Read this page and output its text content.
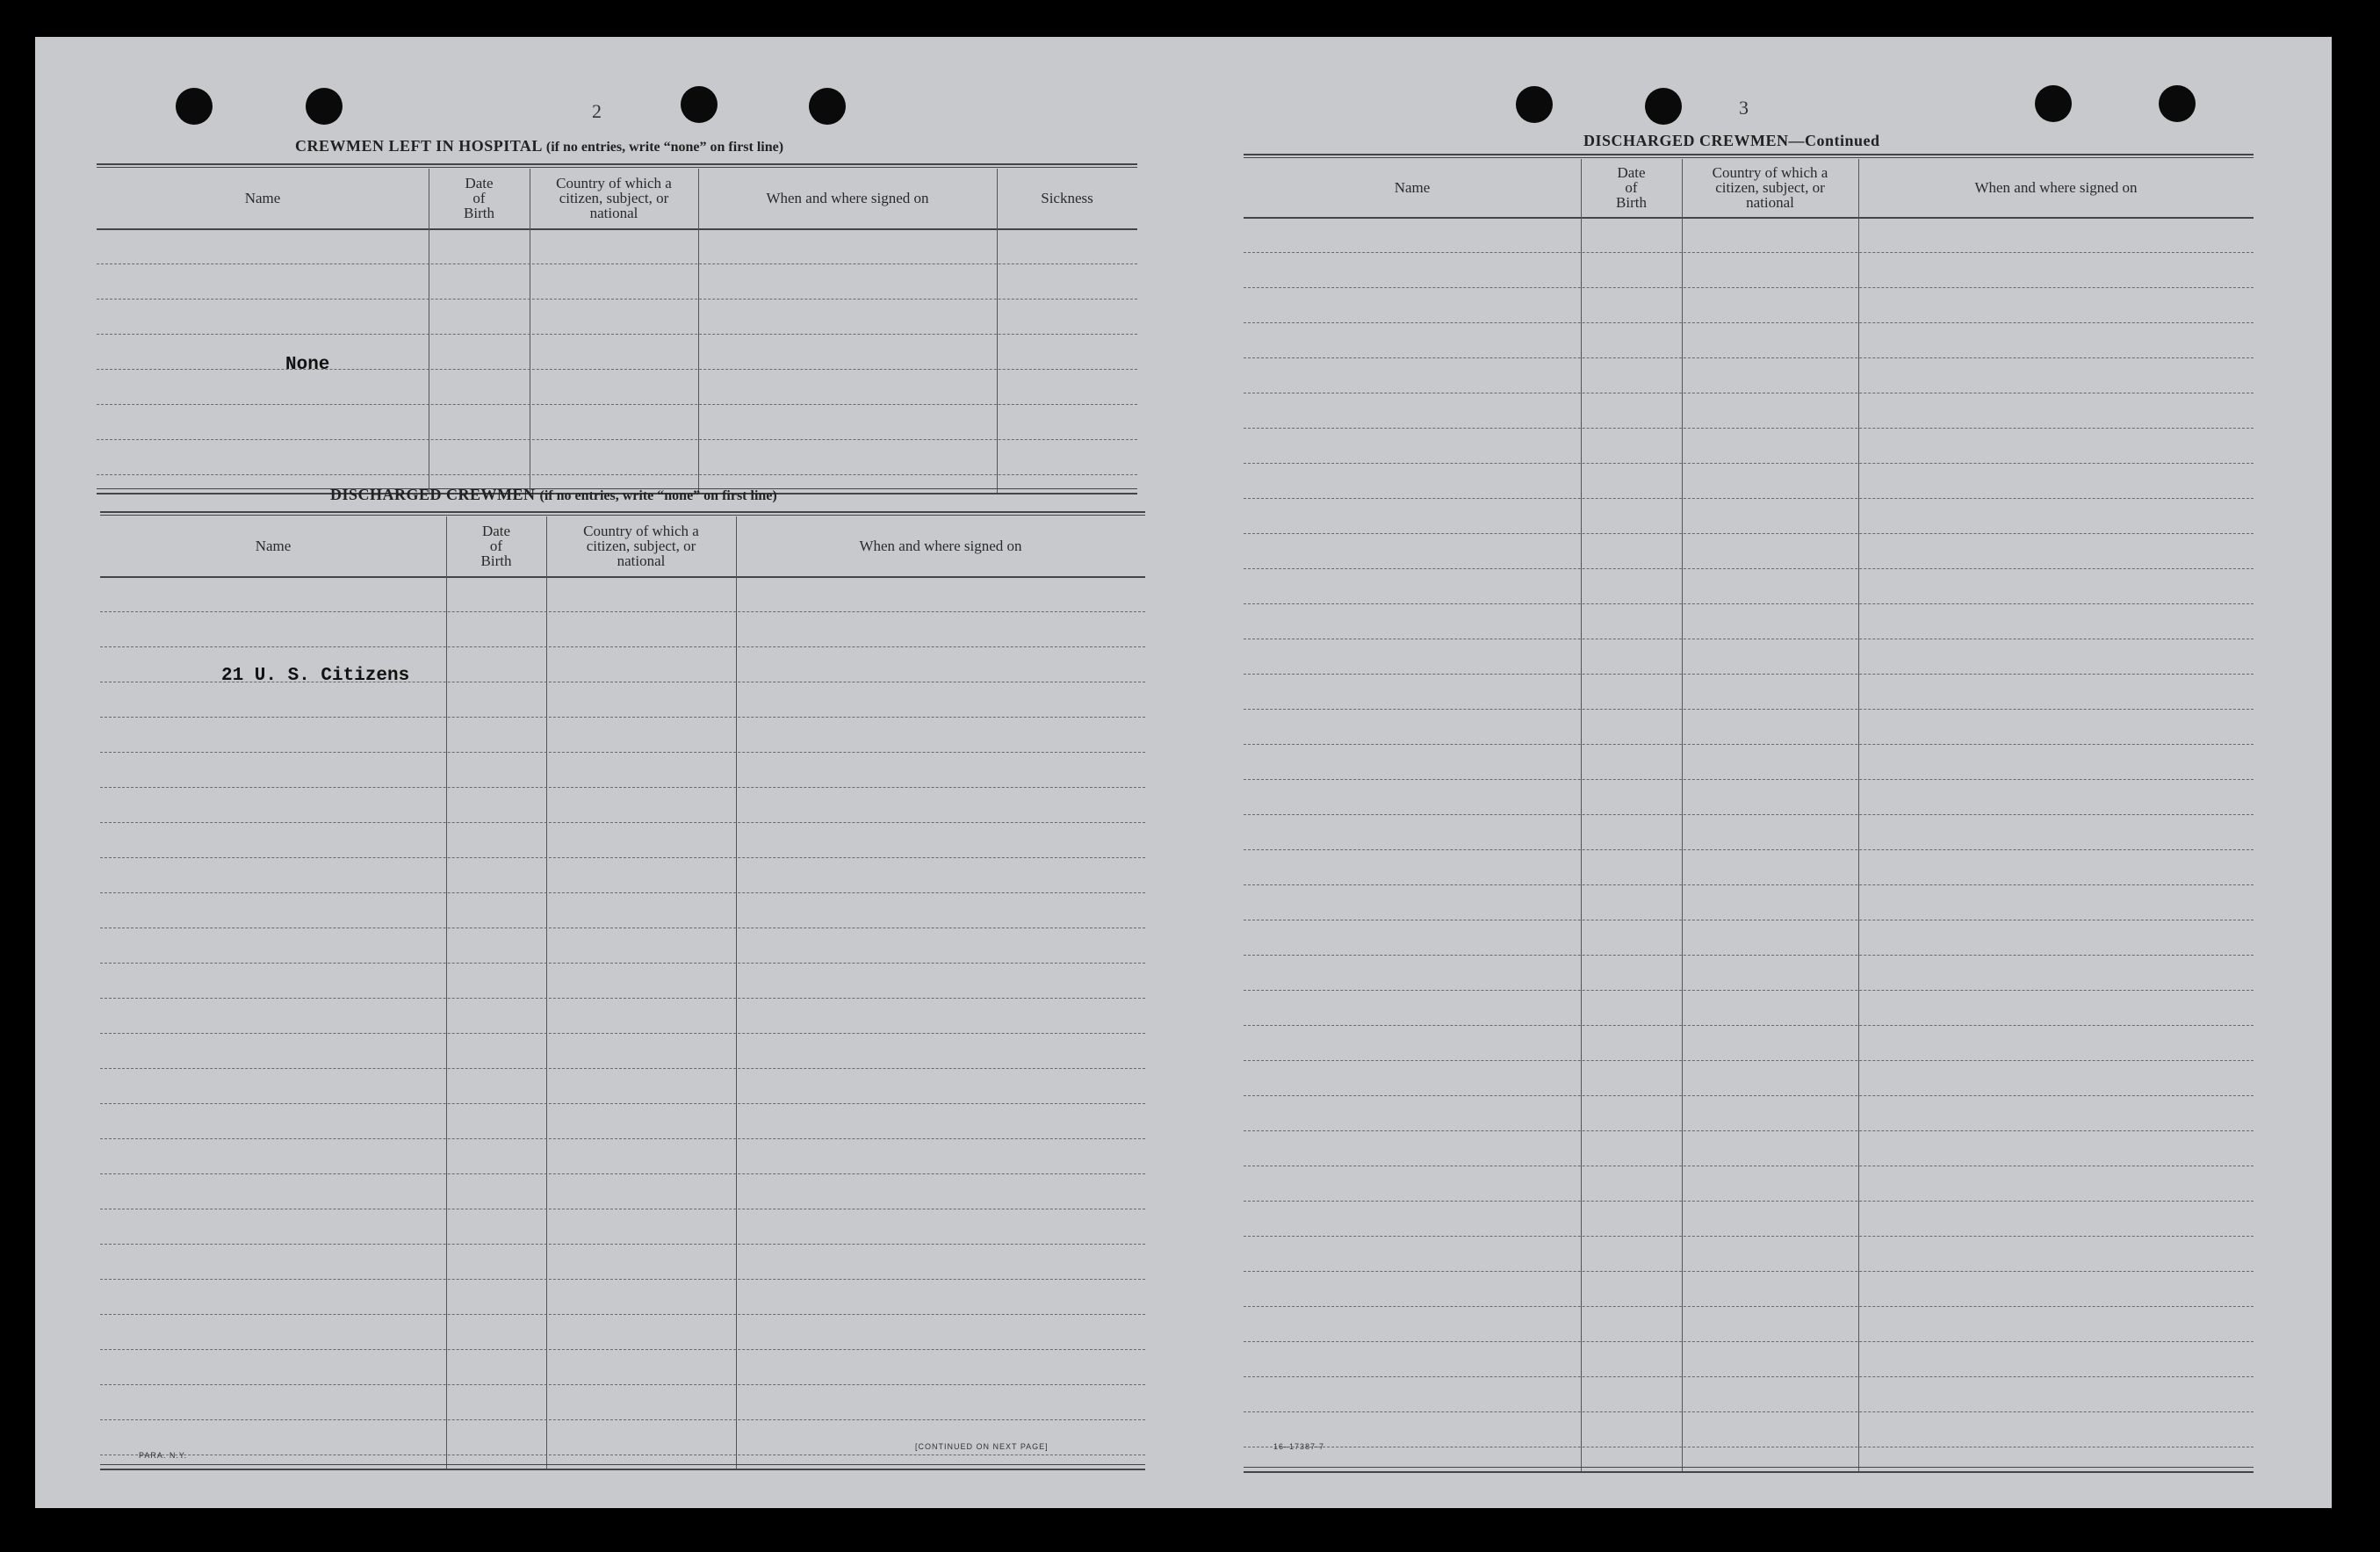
2
CREWMEN LEFT IN HOSPITAL (if no entries, write “none” on first line)
Name
Date
of
Birth
Country of which a
citizen, subject, or
national
When and where signed on	Sickness
None
DISCHARGED CREWMEN (if no entries, write “none” on first line)
Name
Date
of
Birth
Country of which a
citizen, subject, or
national
When and where signed on
21 U. S. Citizens
PARA. N.Y.
[CONTINUED ON NEXT PAGE]
3
DISCHARGED CREWMEN—Continued
Name
Date
of
Birth
Country of which a
citizen, subject, or
national
When and where signed on
16–17387-7
